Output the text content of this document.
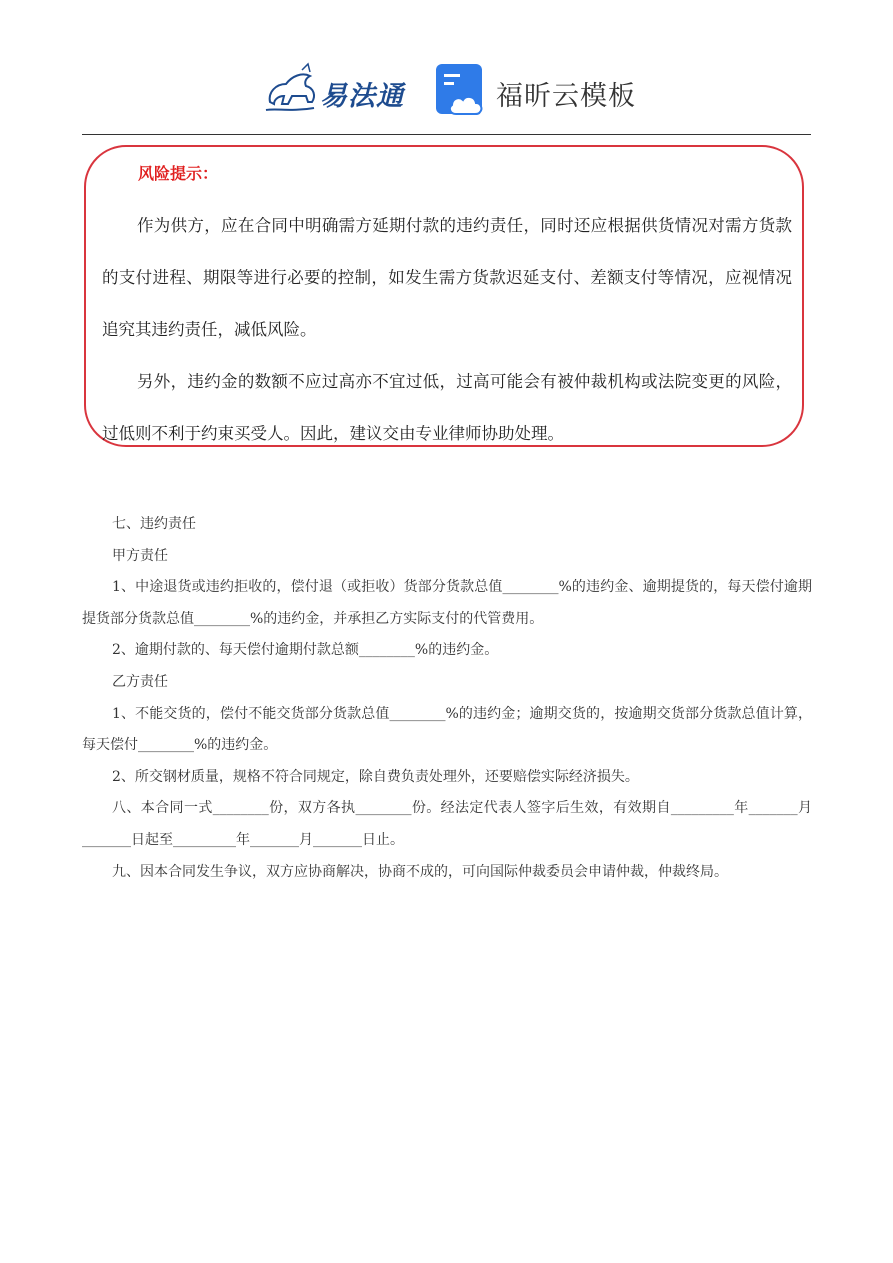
易法通	福昕云模板
风险提示：

作为供方，应在合同中明确需方延期付款的违约责任，同时还应根据供货情况对需方货款的支付进程、期限等进行必要的控制，如发生需方货款迟延支付、差额支付等情况，应视情况追究其违约责任，减低风险。

另外，违约金的数额不应过高亦不宜过低，过高可能会有被仲裁机构或法院变更的风险，过低则不利于约束买受人。因此，建议交由专业律师协助处理。

七、违约责任

甲方责任

1、中途退货或违约拒收的，偿付退（或拒收）货部分货款总值________%的违约金、逾期提货的，每天偿付逾期提货部分货款总值________%的违约金，并承担乙方实际支付的代管费用。

2、逾期付款的、每天偿付逾期付款总额________%的违约金。

乙方责任

1、不能交货的，偿付不能交货部分货款总值________%的违约金；逾期交货的，按逾期交货部分货款总值计算，每天偿付________%的违约金。

2、所交钢材质量，规格不符合同规定，除自费负责处理外，还要赔偿实际经济损失。

八、本合同一式________份，双方各执________份。经法定代表人签字后生效，有效期自_________年_______月_______日起至_________年_______月_______日止。

九、因本合同发生争议，双方应协商解决，协商不成的，可向国际仲裁委员会申请仲裁，仲裁终局。
